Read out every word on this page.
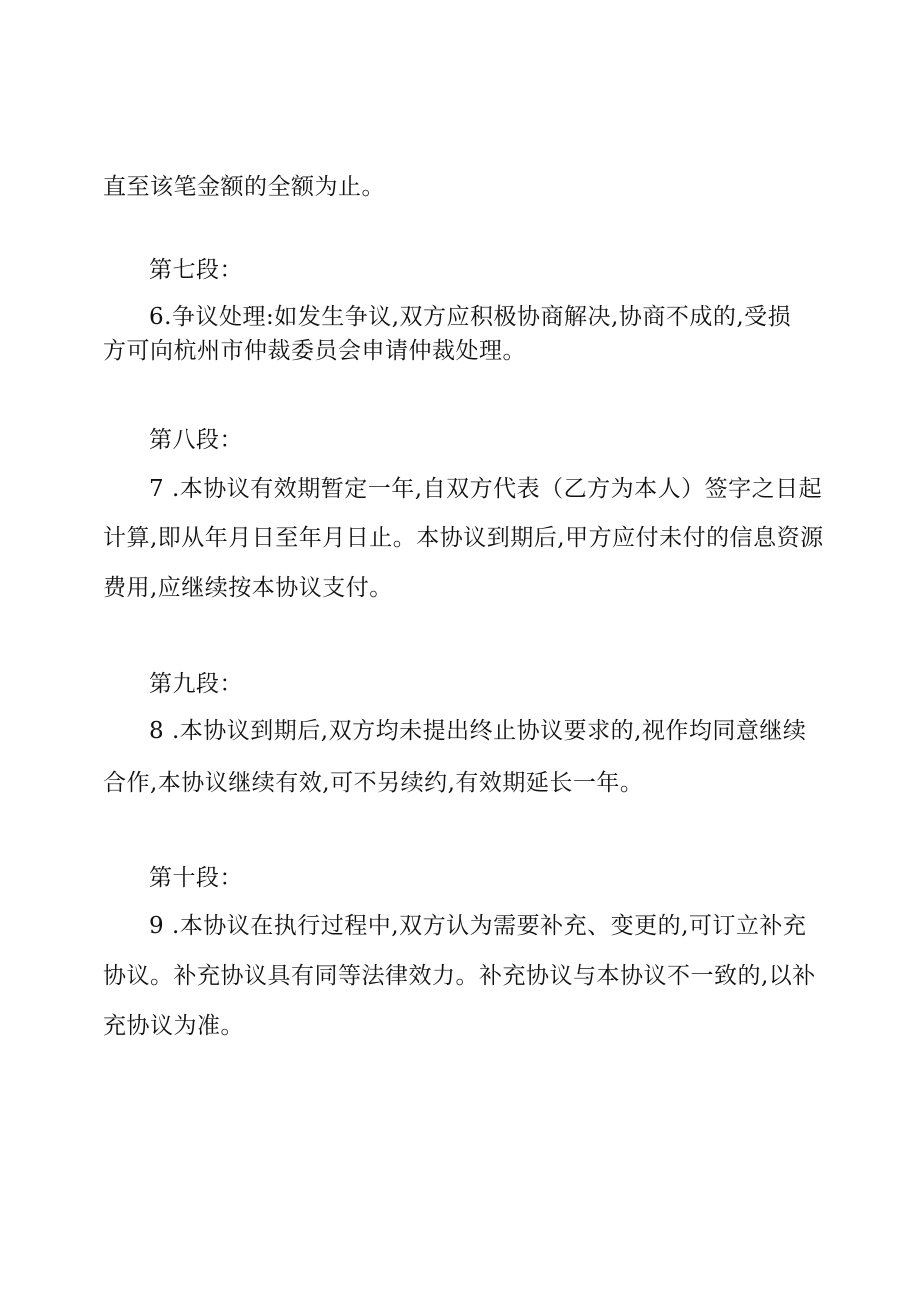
直至该笔金额的全额为止。
第七段：
6.争议处理:如发生争议,双方应积极协商解决,协商不成的,受损
方可向杭州市仲裁委员会申请仲裁处理。
第八段：
7 .本协议有效期暂定一年,自双方代表（乙方为本人）签字之日起
计算,即从年月日至年月日止。本协议到期后,甲方应付未付的信息资源
费用,应继续按本协议支付。
第九段：
8 .本协议到期后,双方均未提出终止协议要求的,视作均同意继续
合作,本协议继续有效,可不另续约,有效期延长一年。
第十段：
9 .本协议在执行过程中,双方认为需要补充、变更的,可订立补充
协议。补充协议具有同等法律效力。补充协议与本协议不一致的,以补
充协议为准。
